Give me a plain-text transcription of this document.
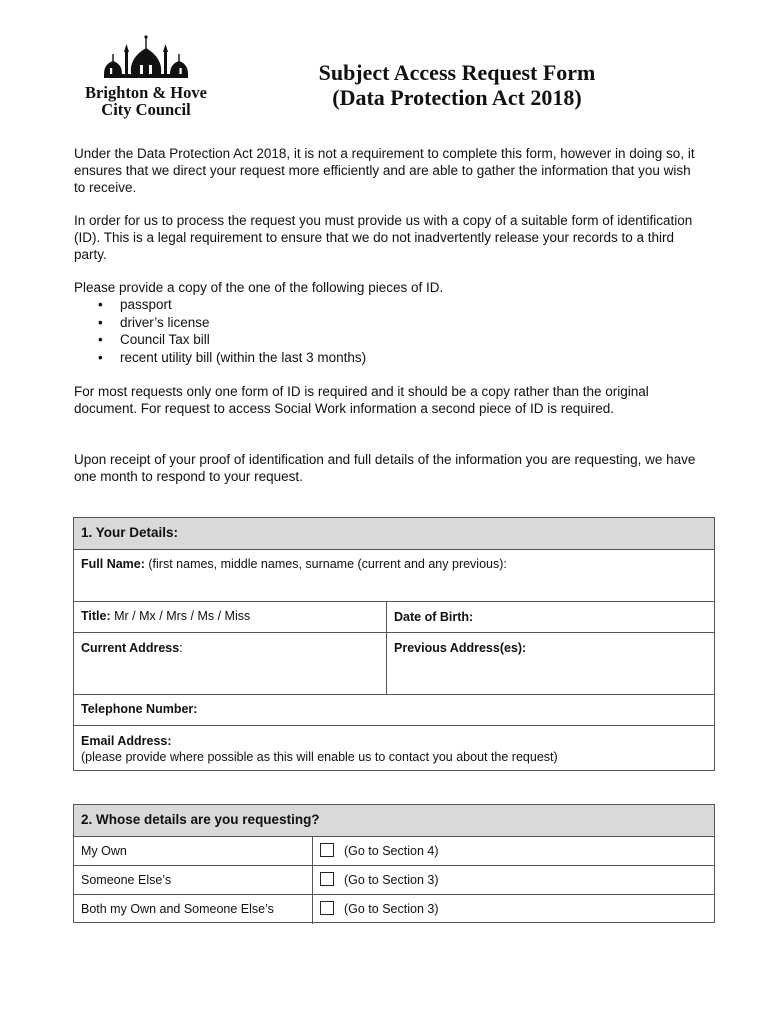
Brighton & Hove
City Council
Subject Access Request Form
(Data Protection Act 2018)

Under the Data Protection Act 2018, it is not a requirement to complete this form, however in doing so, it ensures that we direct your request more efficiently and are able to gather the information that you wish to receive.

In order for us to process the request you must provide us with a copy of a suitable form of identification (ID). This is a legal requirement to ensure that we do not inadvertently release your records to a third party.

Please provide a copy of the one of the following pieces of ID.

• passport
• driver’s license
• Council Tax bill
• recent utility bill (within the last 3 months)

For most requests only one form of ID is required and it should be a copy rather than the original document. For request to access Social Work information a second piece of ID is required.

Upon receipt of your proof of identification and full details of the information you are requesting, we have one month to respond to your request.

1. Your Details:
Full Name: (first names, middle names, surname (current and any previous):
Title: Mr / Mx / Mrs / Ms / Miss	Date of Birth:
Current Address:	Previous Address(es):
Telephone Number:
Email Address:
(please provide where possible as this will enable us to contact you about the request)
2. Whose details are you requesting?
My Own	(Go to Section 4)
Someone Else’s	(Go to Section 3)
Both my Own and Someone Else’s	(Go to Section 3)
